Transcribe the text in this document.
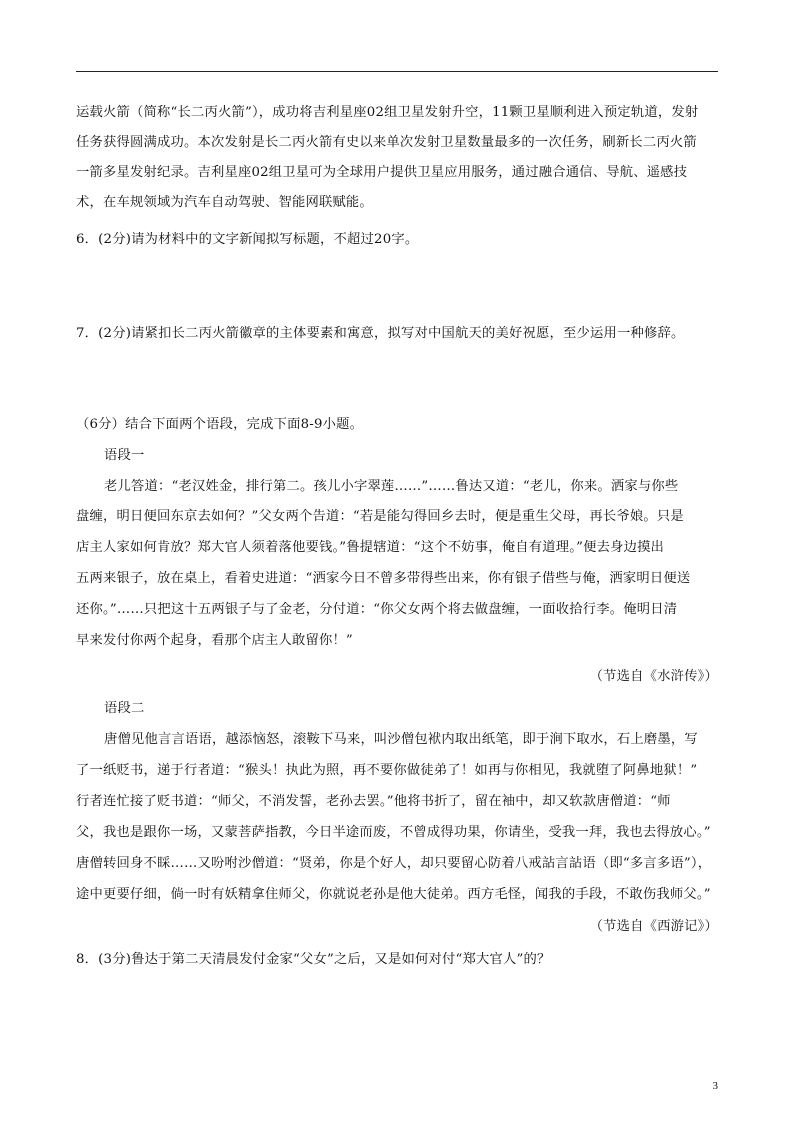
运载火箭（简称“长二丙火箭”），成功将吉利星座02组卫星发射升空，11颗卫星顺利进入预定轨道，发射
任务获得圆满成功。本次发射是长二丙火箭有史以来单次发射卫星数量最多的一次任务，刷新长二丙火箭
一箭多星发射纪录。吉利星座02组卫星可为全球用户提供卫星应用服务，通过融合通信、导航、遥感技
术，在车规领域为汽车自动驾驶、智能网联赋能。
6．(2分)请为材料中的文字新闻拟写标题，不超过20字。
7．(2分)请紧扣长二丙火箭徽章的主体要素和寓意，拟写对中国航天的美好祝愿，至少运用一种修辞。
（6分）结合下面两个语段，完成下面8-9小题。
语段一
老儿答道：“老汉姓金，排行第二。孩儿小字翠莲……”……鲁达又道：“老儿，你来。洒家与你些
盘缠，明日便回东京去如何？”父女两个告道：“若是能勾得回乡去时，便是重生父母，再长爷娘。只是
店主人家如何肯放？郑大官人须着落他要钱。”鲁提辖道：“这个不妨事，俺自有道理。”便去身边摸出
五两来银子，放在桌上，看着史进道：“洒家今日不曾多带得些出来，你有银子借些与俺，洒家明日便送
还你。”……只把这十五两银子与了金老，分付道：“你父女两个将去做盘缠，一面收拾行李。俺明日清
早来发付你两个起身，看那个店主人敢留你！”
（节选自《水浒传》）
语段二
唐僧见他言言语语，越添恼怒，滚鞍下马来，叫沙僧包袱内取出纸笔，即于涧下取水，石上磨墨，写
了一纸贬书，递于行者道：“猴头！执此为照，再不要你做徒弟了！如再与你相见，我就堕了阿鼻地狱！”
行者连忙接了贬书道：“师父，不消发誓，老孙去罢。”他将书折了，留在袖中，却又软款唐僧道：“师
父，我也是跟你一场，又蒙菩萨指教，今日半途而废，不曾成得功果，你请坐，受我一拜，我也去得放心。”
唐僧转回身不睬……又吩咐沙僧道：“贤弟，你是个好人，却只要留心防着八戒詀言詀语（即“多言多语”），
途中更要仔细，倘一时有妖精拿住师父，你就说老孙是他大徒弟。西方毛怪，闻我的手段，不敢伤我师父。”
（节选自《西游记》）
8．(3分)鲁达于第二天清晨发付金家“父女”之后，又是如何对付“郑大官人”的？
3
